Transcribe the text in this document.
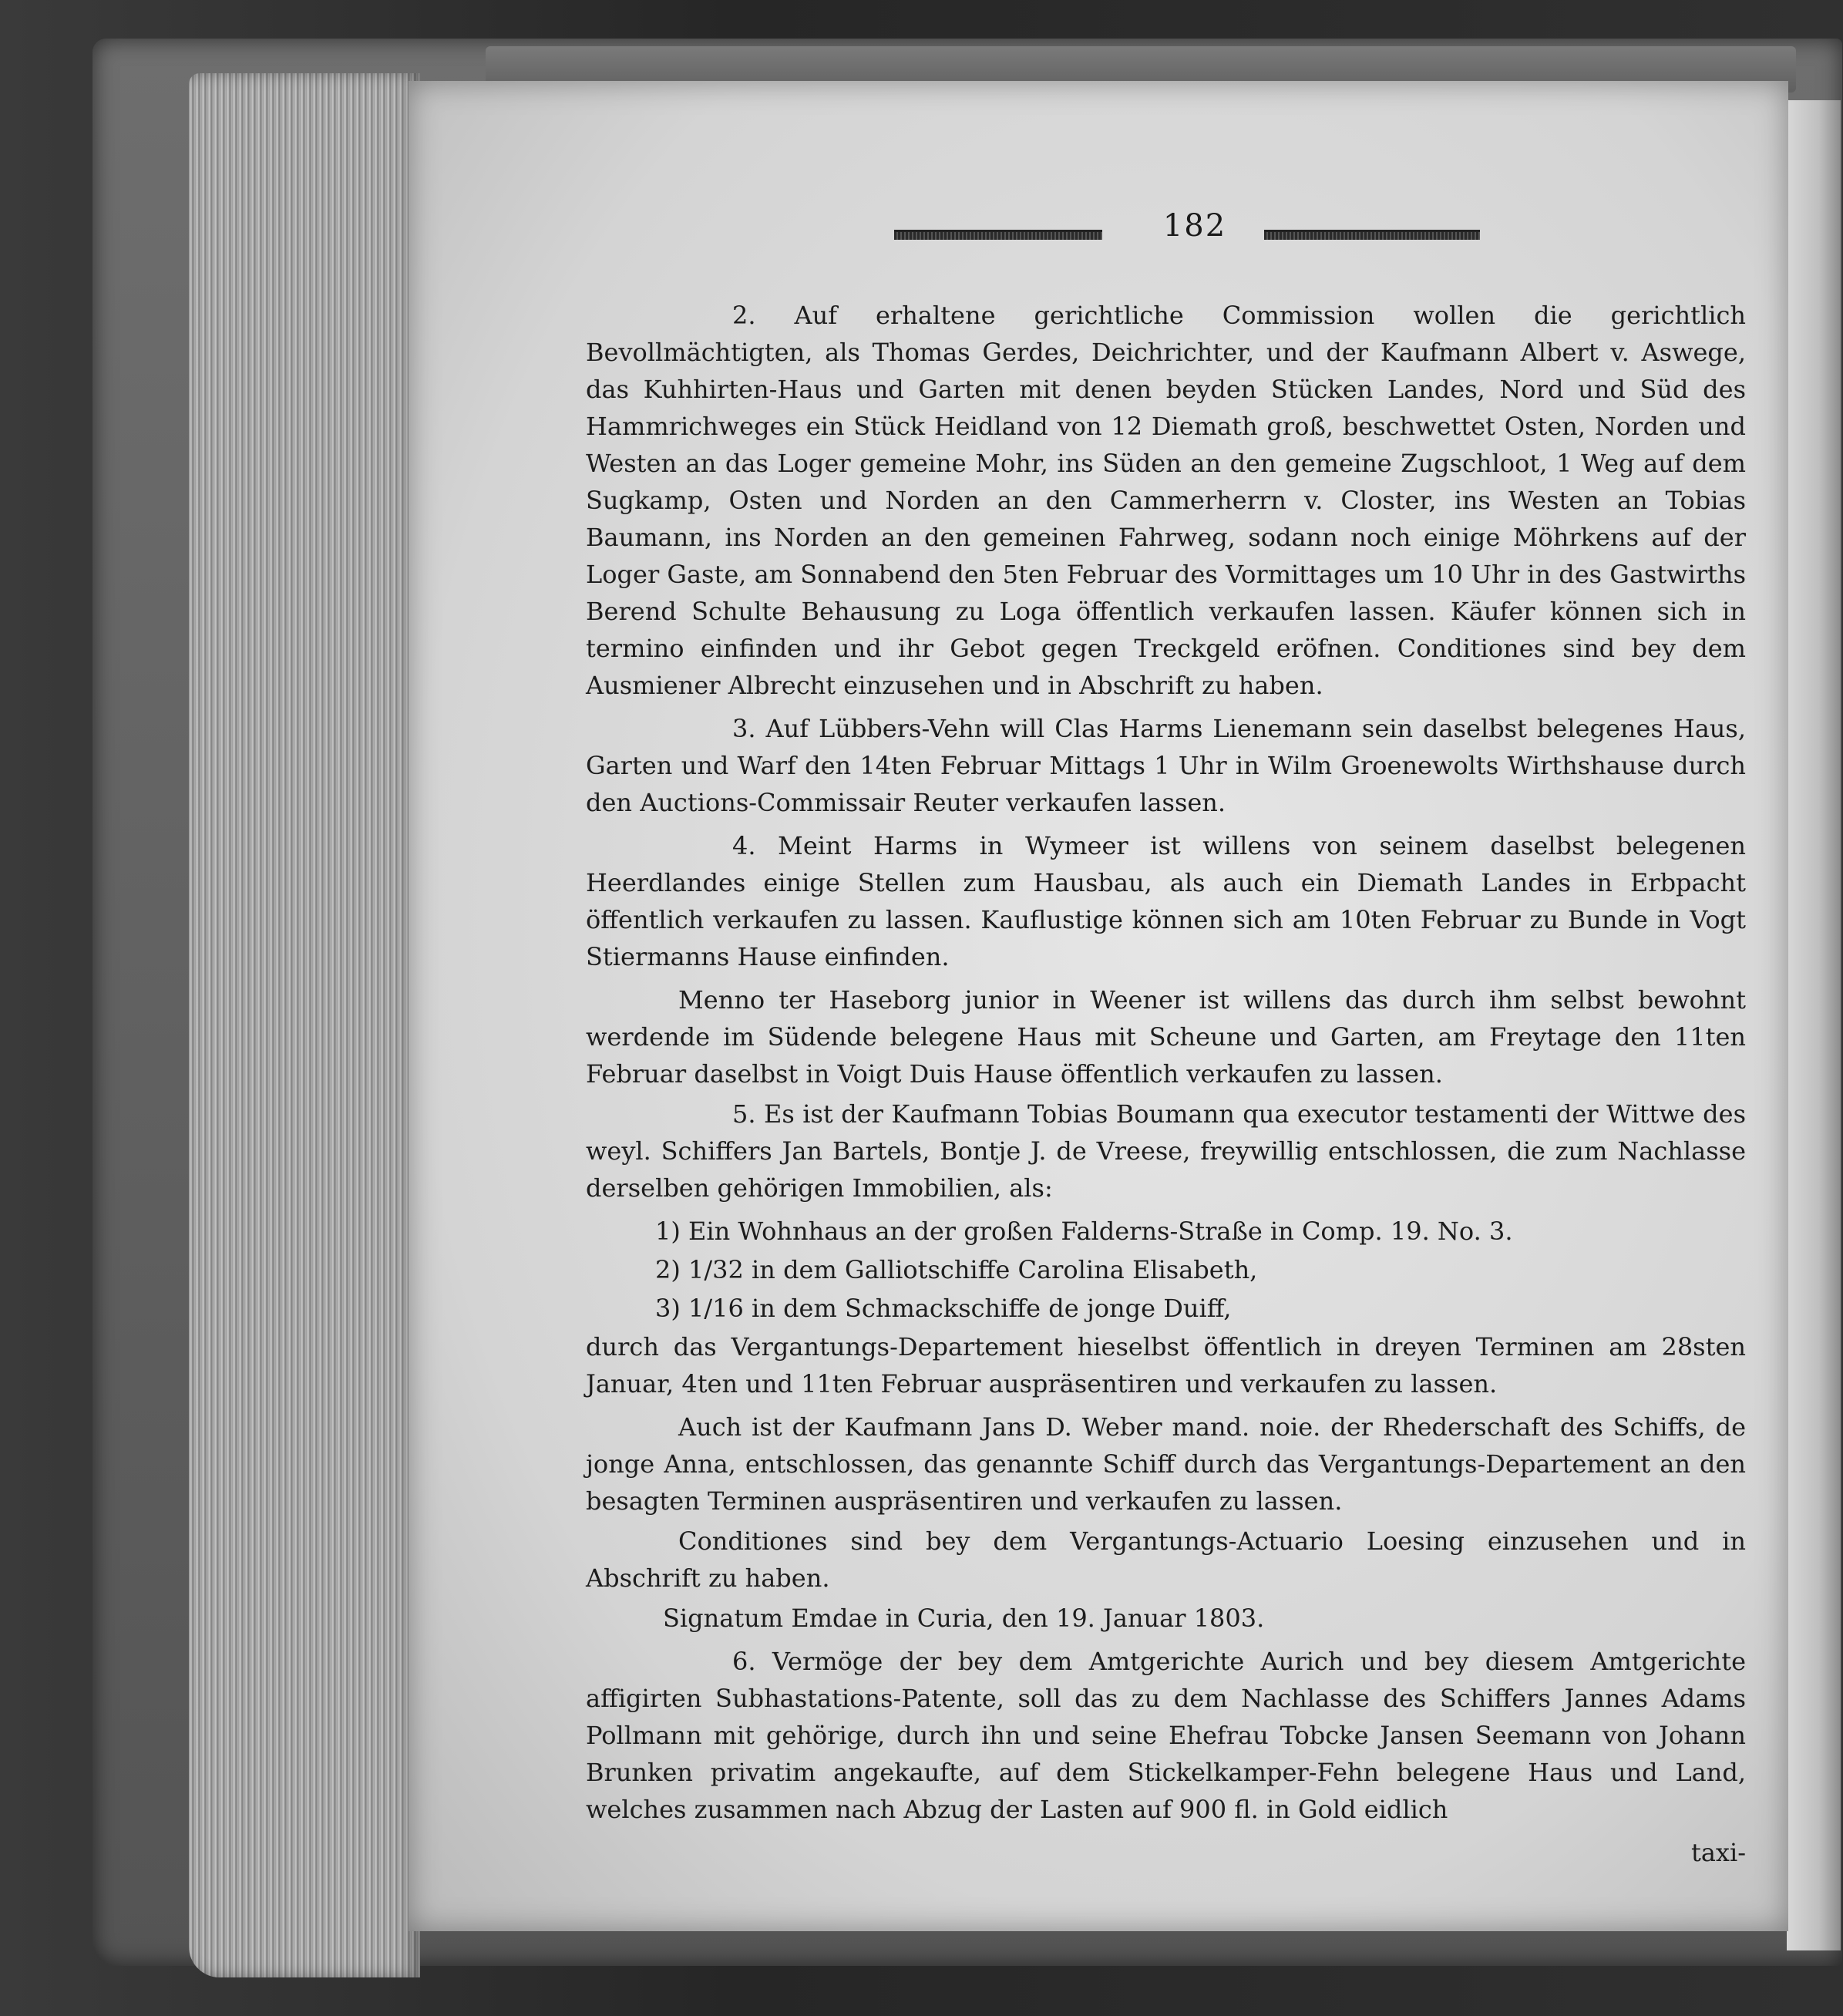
182

2. Auf erhaltene gerichtliche Commission wollen die gerichtlich Bevollmächtigten, als Thomas Gerdes, Deichrichter, und der Kaufmann Albert v. Aswege, das Kuhhirten-Haus und Garten mit denen beyden Stücken Landes, Nord und Süd des Hammrichweges ein Stück Heidland von 12 Diemath groß, beschwettet Osten, Norden und Westen an das Loger gemeine Mohr, ins Süden an den gemeine Zugschloot, 1 Weg auf dem Sugkamp, Osten und Norden an den Cammerherrn v. Closter, ins Westen an Tobias Baumann, ins Norden an den gemeinen Fahrweg, sodann noch einige Möhrkens auf der Loger Gaste, am Sonnabend den 5ten Februar des Vormittages um 10 Uhr in des Gastwirths Berend Schulte Behausung zu Loga öffentlich verkaufen lassen. Käufer können sich in termino einfinden und ihr Gebot gegen Treckgeld eröfnen. Conditiones sind bey dem Ausmiener Albrecht einzusehen und in Abschrift zu haben.

3. Auf Lübbers-Vehn will Clas Harms Lienemann sein daselbst belegenes Haus, Garten und Warf den 14ten Februar Mittags 1 Uhr in Wilm Groenewolts Wirthshause durch den Auctions-Commissair Reuter verkaufen lassen.

4. Meint Harms in Wymeer ist willens von seinem daselbst belegenen Heerdlandes einige Stellen zum Hausbau, als auch ein Diemath Landes in Erbpacht öffentlich verkaufen zu lassen. Kauflustige können sich am 10ten Februar zu Bunde in Vogt Stiermanns Hause einfinden.

Menno ter Haseborg junior in Weener ist willens das durch ihm selbst bewohnt werdende im Südende belegene Haus mit Scheune und Garten, am Freytage den 11ten Februar daselbst in Voigt Duis Hause öffentlich verkaufen zu lassen.

5. Es ist der Kaufmann Tobias Boumann qua executor testamenti der Wittwe des weyl. Schiffers Jan Bartels, Bontje J. de Vreese, freywillig entschlossen, die zum Nachlasse derselben gehörigen Immobilien, als:

1) Ein Wohnhaus an der großen Falderns-Straße in Comp. 19. No. 3.
2) 1/32 in dem Galliotschiffe Carolina Elisabeth,
3) 1/16 in dem Schmackschiffe de jonge Duiff,

durch das Vergantungs-Departement hieselbst öffentlich in dreyen Terminen am 28sten Januar, 4ten und 11ten Februar auspräsentiren und verkaufen zu lassen.

Auch ist der Kaufmann Jans D. Weber mand. noie. der Rhederschaft des Schiffs, de jonge Anna, entschlossen, das genannte Schiff durch das Vergantungs-Departement an den besagten Terminen auspräsentiren und verkaufen zu lassen.

Conditiones sind bey dem Vergantungs-Actuario Loesing einzusehen und in Abschrift zu haben.

Signatum Emdae in Curia, den 19. Januar 1803.

6. Vermöge der bey dem Amtgerichte Aurich und bey diesem Amtgerichte affigirten Subhastations-Patente, soll das zu dem Nachlasse des Schiffers Jannes Adams Pollmann mit gehörige, durch ihn und seine Ehefrau Tobcke Jansen Seemann von Johann Brunken privatim angekaufte, auf dem Stickelkamper-Fehn belegene Haus und Land, welches zusammen nach Abzug der Lasten auf 900 fl. in Gold eidlich

taxi-
